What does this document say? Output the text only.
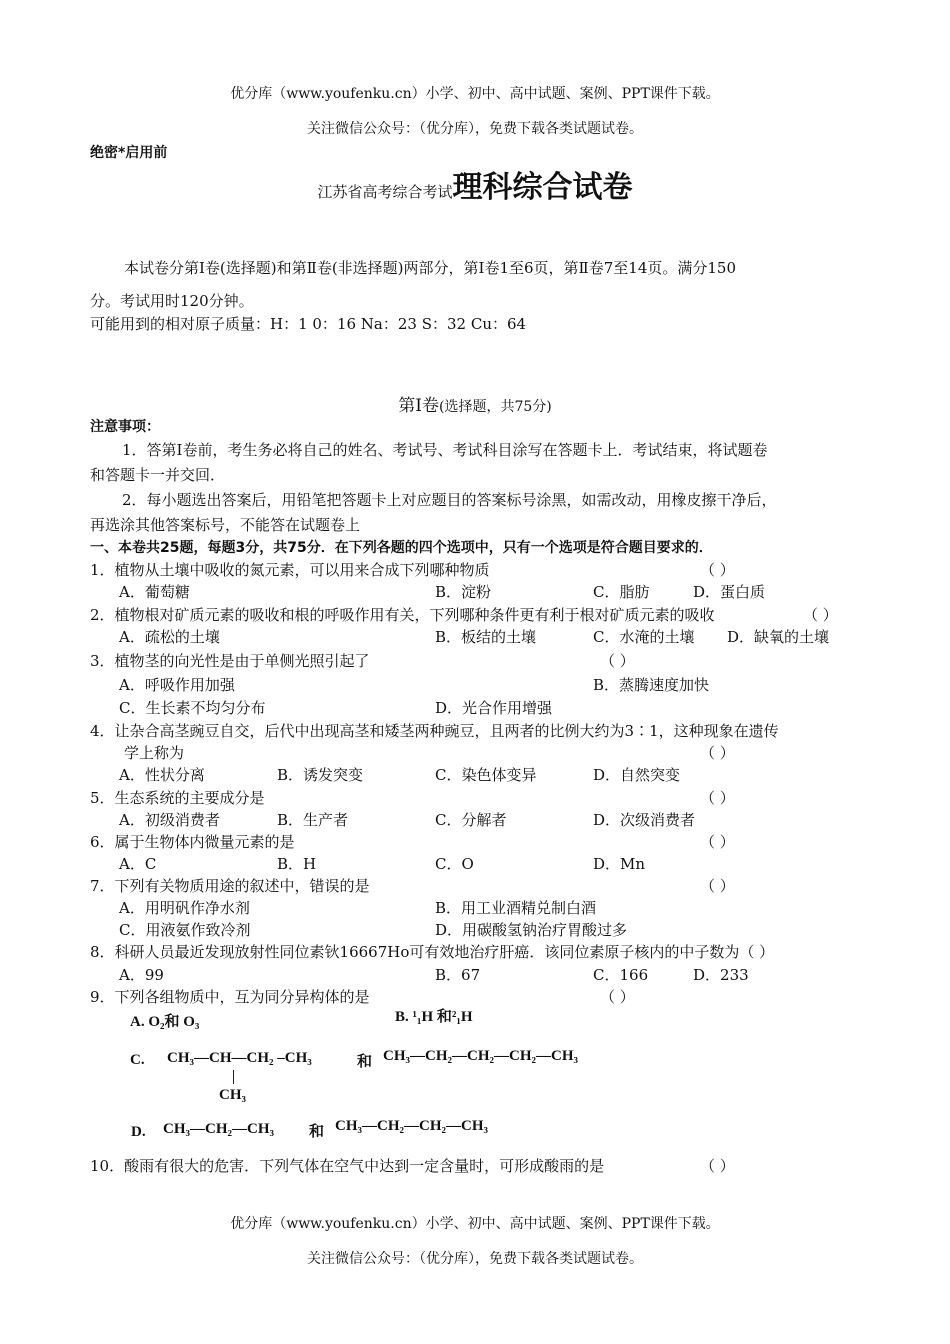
优分库（www.youfenku.cn）小学、初中、高中试题、案例、PPT课件下载。
关注微信公众号：（优分库），免费下载各类试题试卷。
绝密*启用前
江苏省高考综合考试理科综合试卷
本试卷分第Ⅰ卷(选择题)和第Ⅱ卷(非选择题)两部分，第Ⅰ卷1至6页，第Ⅱ卷7至14页。满分150
分。考试用时120分钟。
可能用到的相对原子质量：H：1 0：16 Na：23 S：32 Cu：64
第Ⅰ卷(选择题，共75分)
注意事项：
1．答第Ⅰ卷前，考生务必将自己的姓名、考试号、考试科目涂写在答题卡上．考试结束，将试题卷
和答题卡一并交回．
2．每小题选出答案后，用铅笔把答题卡上对应题目的答案标号涂黑，如需改动，用橡皮擦干净后，
再选涂其他答案标号，不能答在试题卷上
一、本卷共25题，每题3分，共75分．在下列各题的四个选项中，只有一个选项是符合题目要求的．
1．植物从土壤中吸收的氮元素，可以用来合成下列哪种物质	（ ）
A．葡萄糖	B．淀粉	C．脂肪	D．蛋白质
2．植物根对矿质元素的吸收和根的呼吸作用有关，下列哪种条件更有利于根对矿质元素的吸收	（ ）
A．疏松的土壤	B．板结的土壤	C．水淹的土壤 D．缺氧的土壤
3．植物茎的向光性是由于单侧光照引起了	（ ）
A．呼吸作用加强	B．蒸腾速度加快
C．生长素不均匀分布	D．光合作用增强
4．让杂合高茎豌豆自交，后代中出现高茎和矮茎两种豌豆，且两者的比例大约为3∶1，这种现象在遗传
学上称为	（ ）
A．性状分离	B．诱发突变	C．染色体变异	D．自然突变
5．生态系统的主要成分是	（ ）
A．初级消费者	B．生产者	C．分解者	D．次级消费者
6．属于生物体内微量元素的是	（ ）
A．C	B．H	C．O	D．Mn
7．下列有关物质用途的叙述中，错误的是	（ ）
A．用明矾作净水剂	B．用工业酒精兑制白酒
C．用液氨作致冷剂	D．用碳酸氢钠治疗胃酸过多
8．科研人员最近发现放射性同位素钬16667Ho可有效地治疗肝癌．该同位素原子核内的中子数为（ ）
A．99	B．67	C．166	D．233
9．下列各组物质中，互为同分异构体的是	（ ）
A. O₂和 O₃	B. ¹₁H 和²₁H
C. CH₃—CH—CH₂ –CH₃	和 CH₃—CH₂—CH₂—CH₂—CH₃
CH₃
D. CH₃—CH₂—CH₃ 和 CH₃—CH₂—CH₂—CH₃
10．酸雨有很大的危害．下列气体在空气中达到一定含量时，可形成酸雨的是	（ ）
优分库（www.youfenku.cn）小学、初中、高中试题、案例、PPT课件下载。
关注微信公众号：（优分库），免费下载各类试题试卷。
